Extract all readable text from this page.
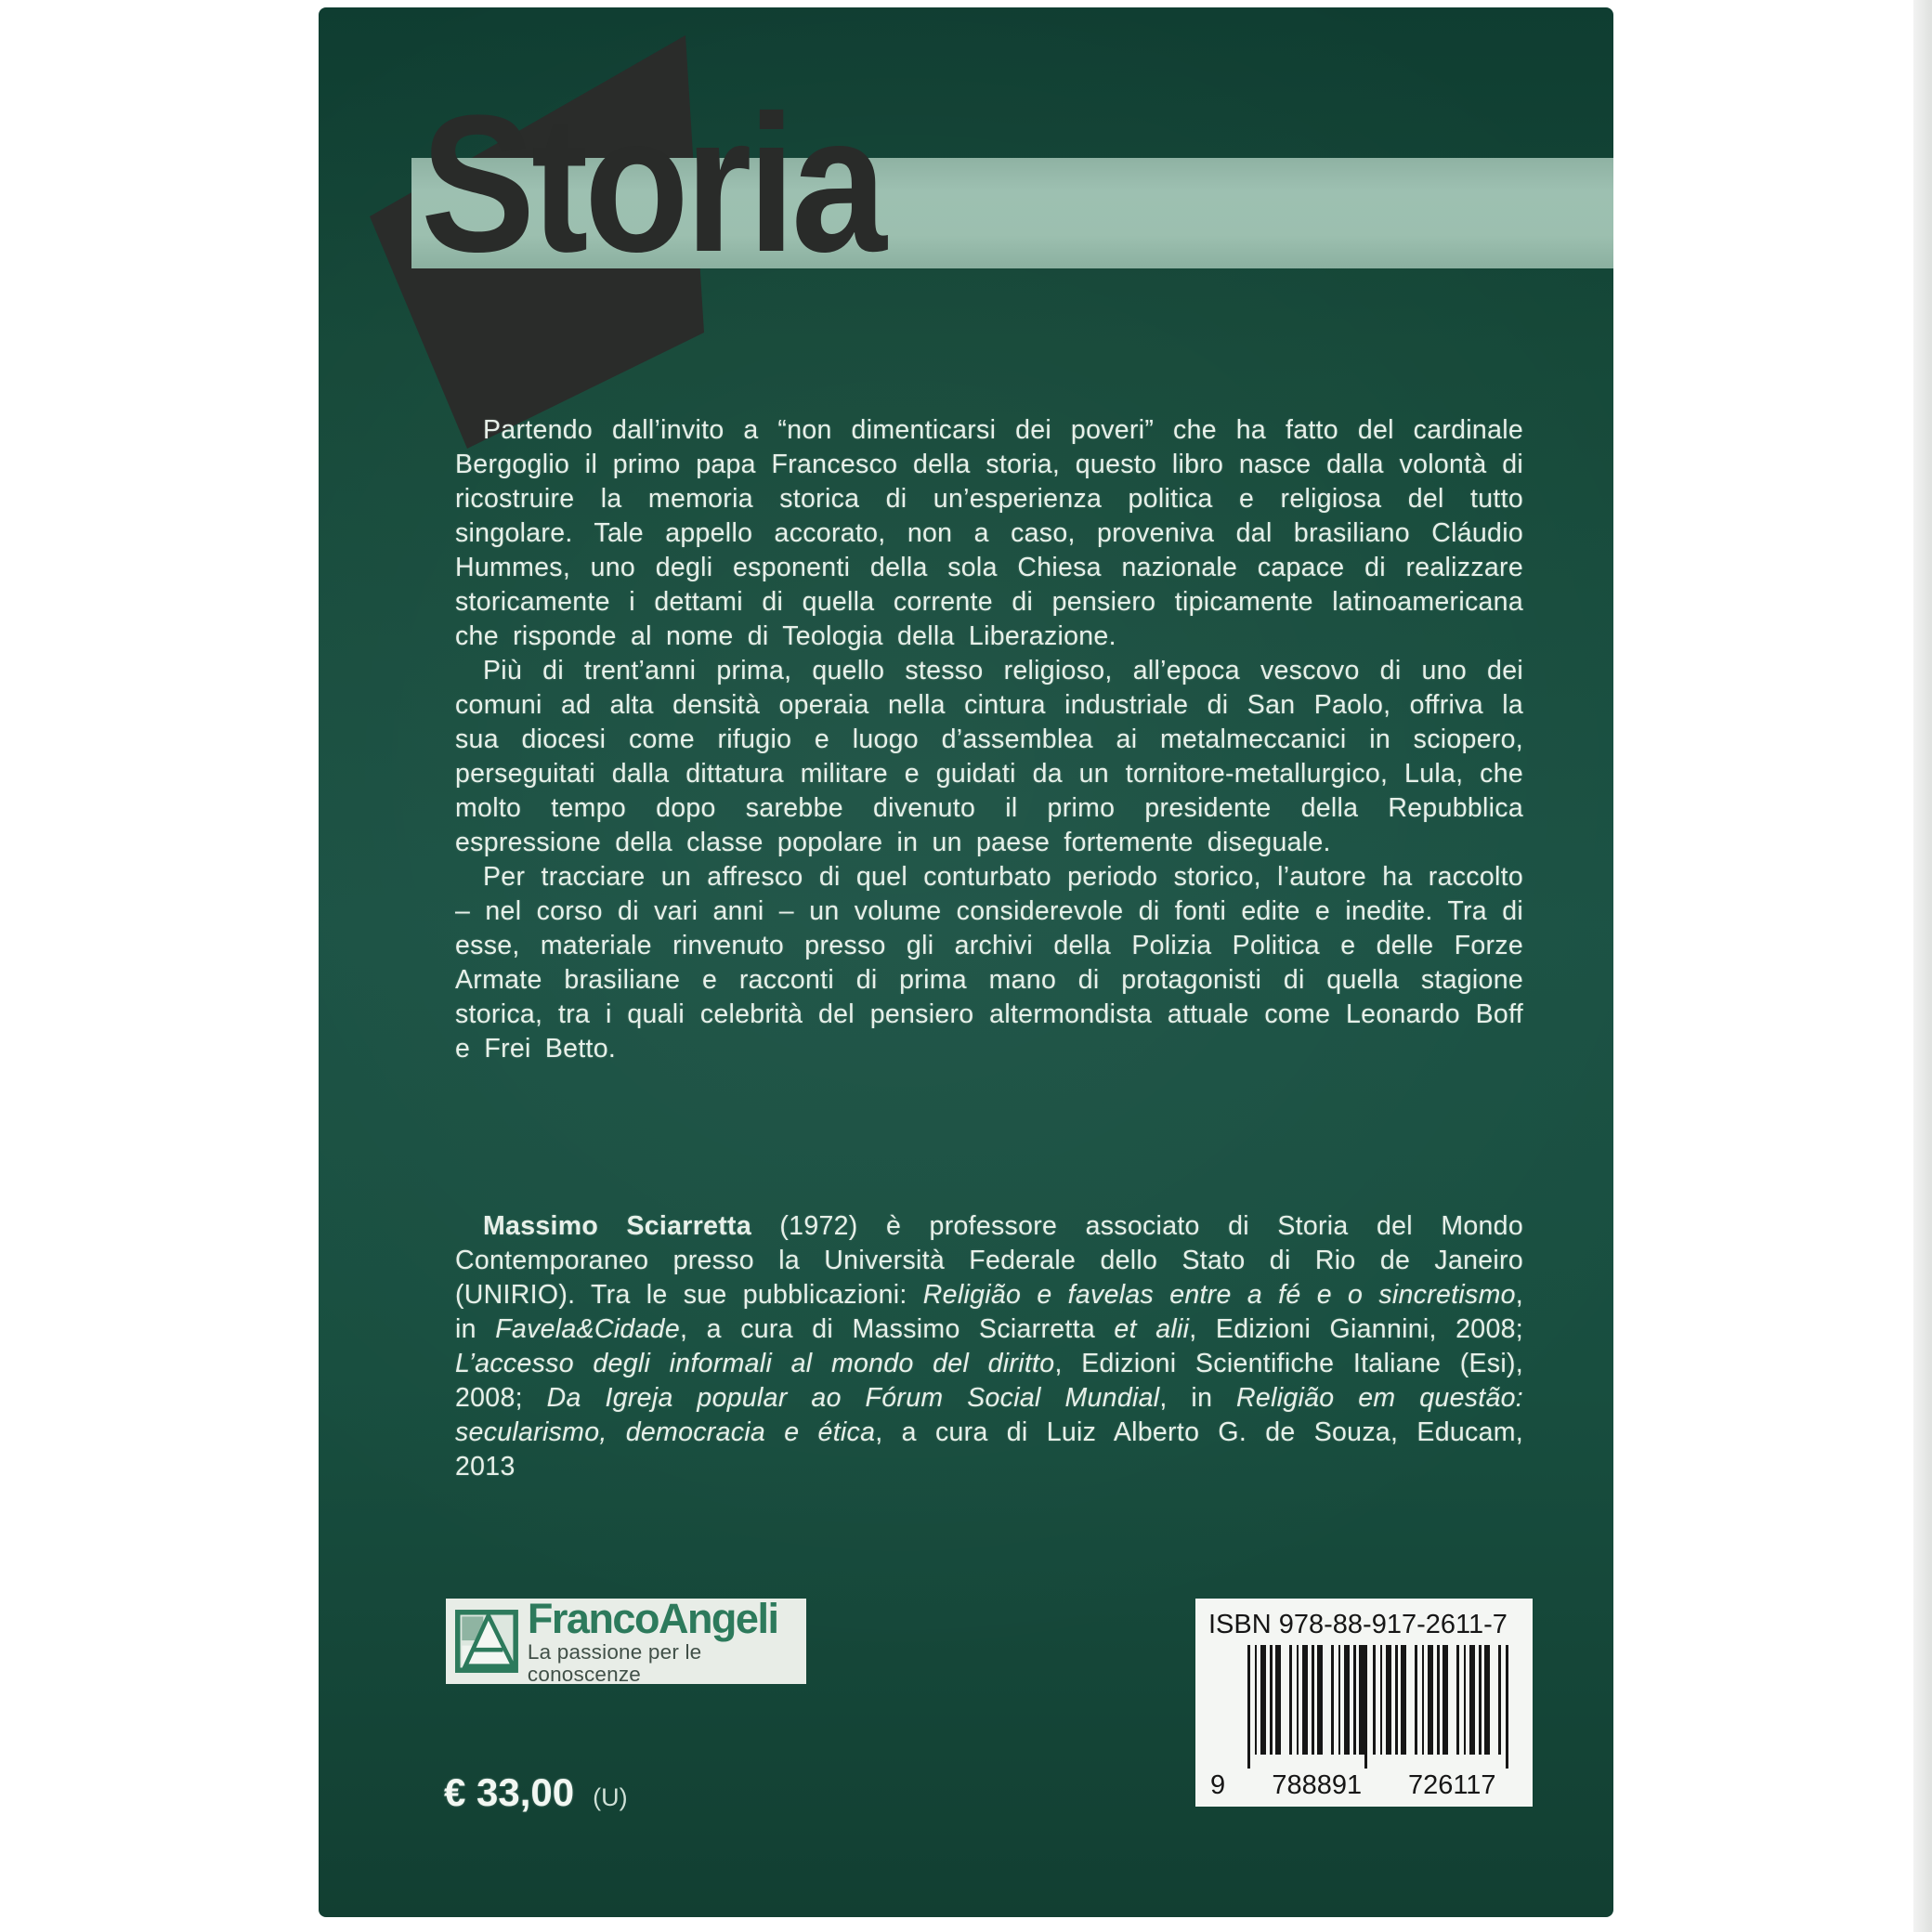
Storia

Partendo dall’invito a “non dimenticarsi dei poveri” che ha fatto del cardinale Bergoglio il primo papa Francesco della storia, questo libro nasce dalla volontà di ricostruire la memoria storica di un’esperienza politica e religiosa del tutto singolare. Tale appello accorato, non a caso, proveniva dal brasiliano Cláudio Hummes, uno degli esponenti della sola Chiesa nazionale capace di realizzare storicamente i dettami di quella corrente di pensiero tipicamente latinoamericana che risponde al nome di Teologia della Liberazione.

Più di trent’anni prima, quello stesso religioso, all’epoca vescovo di uno dei comuni ad alta densità operaia nella cintura industriale di San Paolo, offriva la sua diocesi come rifugio e luogo d’assemblea ai metalmeccanici in sciopero, perseguitati dalla dittatura militare e guidati da un tornitore-metallurgico, Lula, che molto tempo dopo sarebbe divenuto il primo presidente della Repubblica espressione della classe popolare in un paese fortemente diseguale.

Per tracciare un affresco di quel conturbato periodo storico, l’autore ha raccolto – nel corso di vari anni – un volume considerevole di fonti edite e inedite. Tra di esse, materiale rinvenuto presso gli archivi della Polizia Politica e delle Forze Armate brasiliane e racconti di prima mano di protagonisti di quella stagione storica, tra i quali celebrità del pensiero altermondista attuale come Leonardo Boff e Frei Betto.

Massimo Sciarretta (1972) è professore associato di Storia del Mondo Contemporaneo presso la Università Federale dello Stato di Rio de Janeiro (UNIRIO). Tra le sue pubblicazioni: Religião e favelas entre a fé e o sincretismo, in Favela&Cidade, a cura di Massimo Sciarretta et alii, Edizioni Giannini, 2008; L’accesso degli informali al mondo del diritto, Edizioni Scientifiche Italiane (Esi), 2008; Da Igreja popular ao Fórum Social Mundial, in Religião em questão: secularismo, democracia e ética, a cura di Luiz Alberto G. de Souza, Educam, 2013

FrancoAngeli
La passione per le conoscenze
€ 33,00 (U)
ISBN 978-88-917-2611-7
9	788891	726117
